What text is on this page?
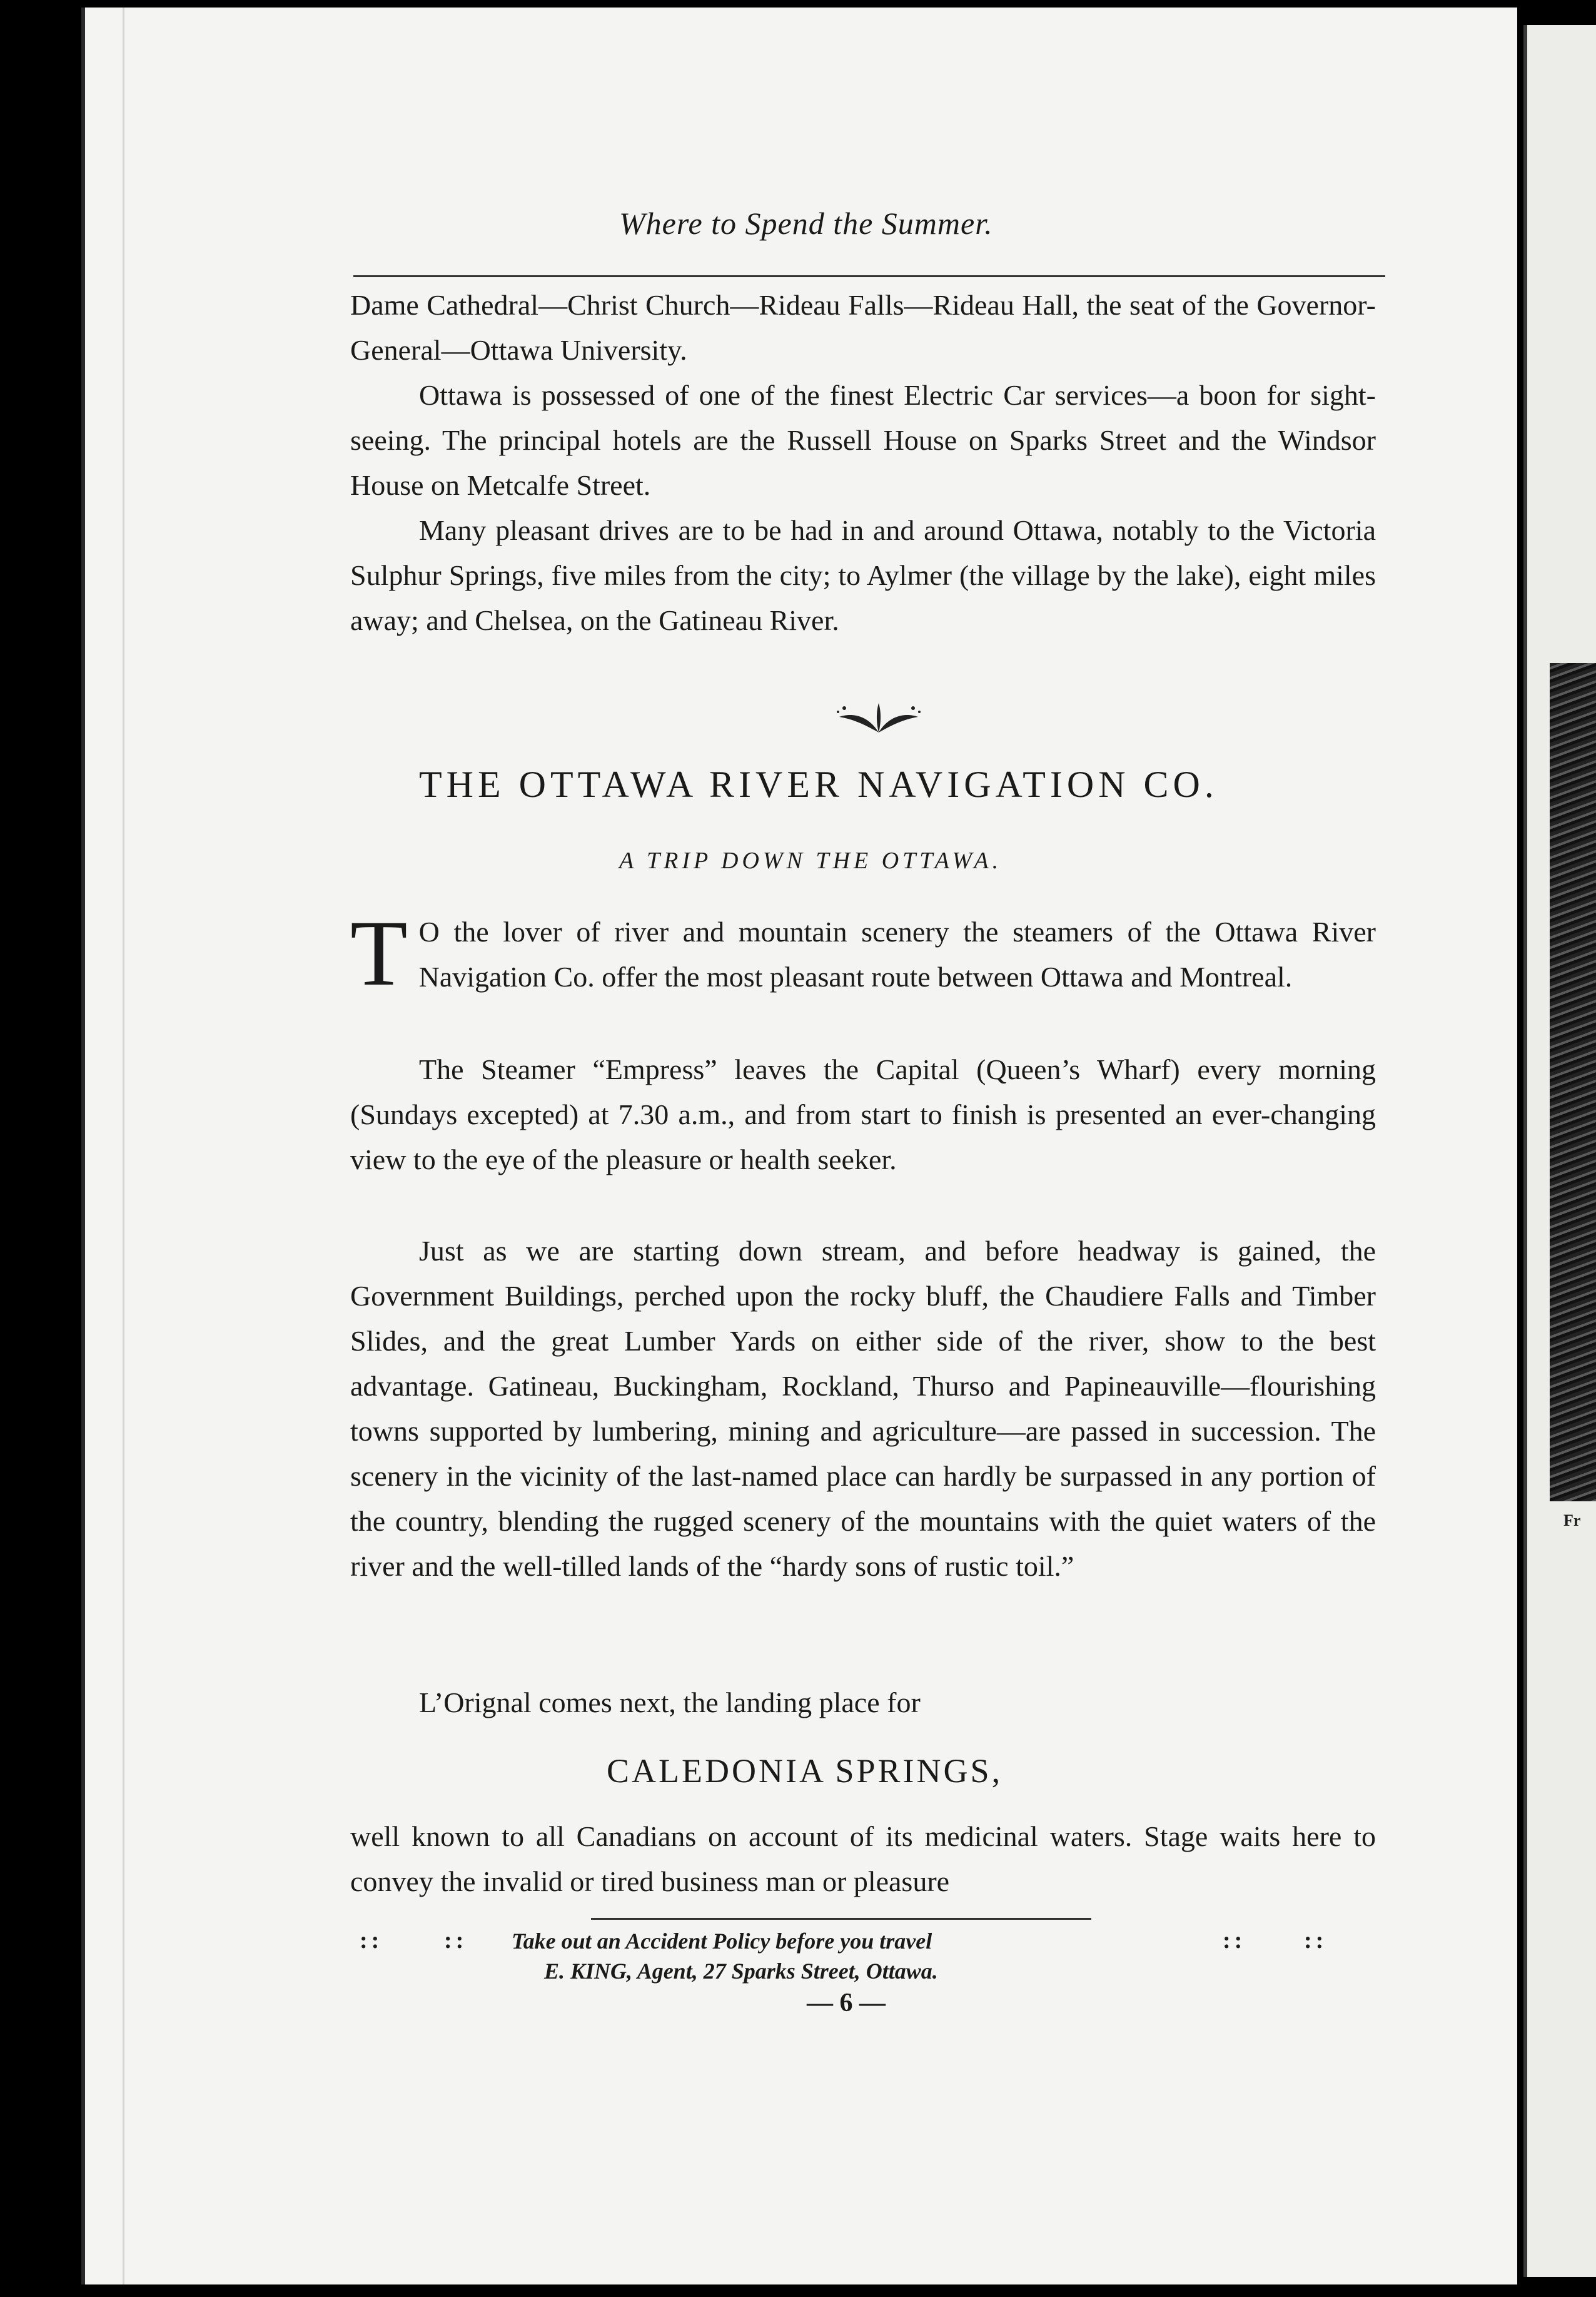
Fr
Where to Spend the Summer.

Dame Cathedral—Christ Church—Rideau Falls—Rideau Hall, the seat of the Governor-General—Ottawa University.

Ottawa is possessed of one of the finest Electric Car services—a boon for sight-seeing. The principal hotels are the Russell House on Sparks Street and the Windsor House on Metcalfe Street.

Many pleasant drives are to be had in and around Ottawa, notably to the Victoria Sulphur Springs, five miles from the city; to Aylmer (the village by the lake), eight miles away; and Chelsea, on the Gatineau River.

THE OTTAWA RIVER NAVIGATION CO.
A TRIP DOWN THE OTTAWA.

T O the lover of river and mountain scenery the steamers of the Ottawa River Navigation Co. offer the most pleasant route between Ottawa and Montreal.

The Steamer “Empress” leaves the Capital (Queen’s Wharf) every morning (Sundays excepted) at 7.30 a.m., and from start to finish is presented an ever-changing view to the eye of the pleasure or health seeker.

Just as we are starting down stream, and before headway is gained, the Government Buildings, perched upon the rocky bluff, the Chaudiere Falls and Timber Slides, and the great Lumber Yards on either side of the river, show to the best advantage. Gatineau, Buckingham, Rockland, Thurso and Papineauville—flourishing towns supported by lumbering, mining and agriculture—are passed in succession. The scenery in the vicinity of the last-named place can hardly be surpassed in any portion of the country, blending the rugged scenery of the mountains with the quiet waters of the river and the well-tilled lands of the “hardy sons of rustic toil.”

L’Orignal comes next, the landing place for

CALEDONIA SPRINGS,

well known to all Canadians on account of its medicinal waters. Stage waits here to convey the invalid or tired business man or pleasure

::	:: Take out an Accident Policy before you travel	:: ::
E. KING, Agent, 27 Sparks Street, Ottawa.
— 6 —
